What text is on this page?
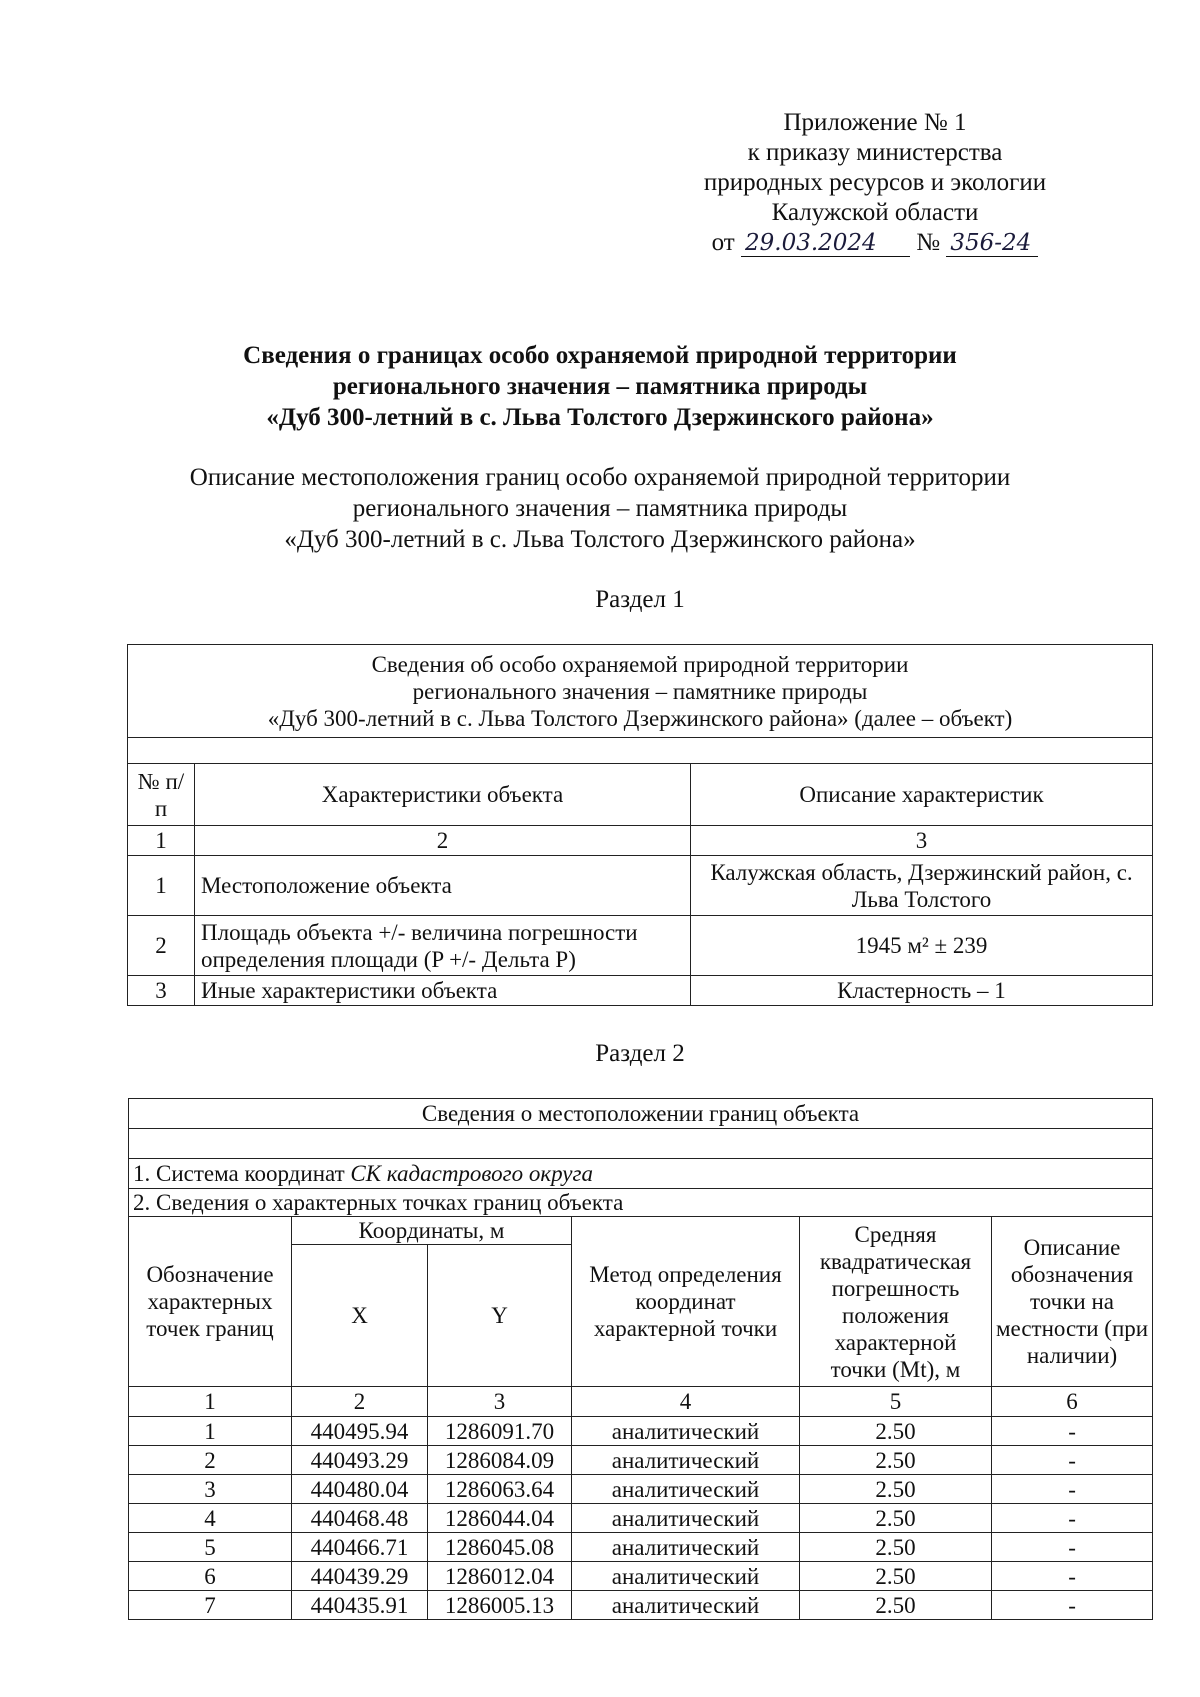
Приложение № 1
к приказу министерства
природных ресурсов и экологии
Калужской области
от 29.03.2024 № 356-24
Сведения о границах особо охраняемой природной территории
регионального значения – памятника природы
«Дуб 300-летний в с. Льва Толстого Дзержинского района»
Описание местоположения границ особо охраняемой природной территории
регионального значения – памятника природы
«Дуб 300-летний в с. Льва Толстого Дзержинского района»
Раздел 1
Сведения об особо охраняемой природной территории
регионального значения – памятнике природы
«Дуб 300-летний в с. Льва Толстого Дзержинского района» (далее – объект)		

№ п/п	Характеристики объекта	Описание характеристик
1	2	3
1	Местоположение объекта	Калужская область, Дзержинский район, с. Льва Толстого
2	Площадь объекта +/- величина погрешности определения площади (P +/- Дельта P)	1945 м² ± 239
3	Иные характеристики объекта	Кластерность – 1
Раздел 2
Сведения о местоположении границ объекта					

1. Система координат СК кадастрового округа					
2. Сведения о характерных точках границ объекта					
Обозначение характерных точек границ	Координаты, м		Метод определения координат характерной точки	Средняя квадратическая погрешность положения характерной точки (Mt), м	Описание обозначения точки на местности (при наличии)
	X	Y			
1	2	3	4	5	6
1	440495.94	1286091.70	аналитический	2.50	-
2	440493.29	1286084.09	аналитический	2.50	-
3	440480.04	1286063.64	аналитический	2.50	-
4	440468.48	1286044.04	аналитический	2.50	-
5	440466.71	1286045.08	аналитический	2.50	-
6	440439.29	1286012.04	аналитический	2.50	-
7	440435.91	1286005.13	аналитический	2.50	-
